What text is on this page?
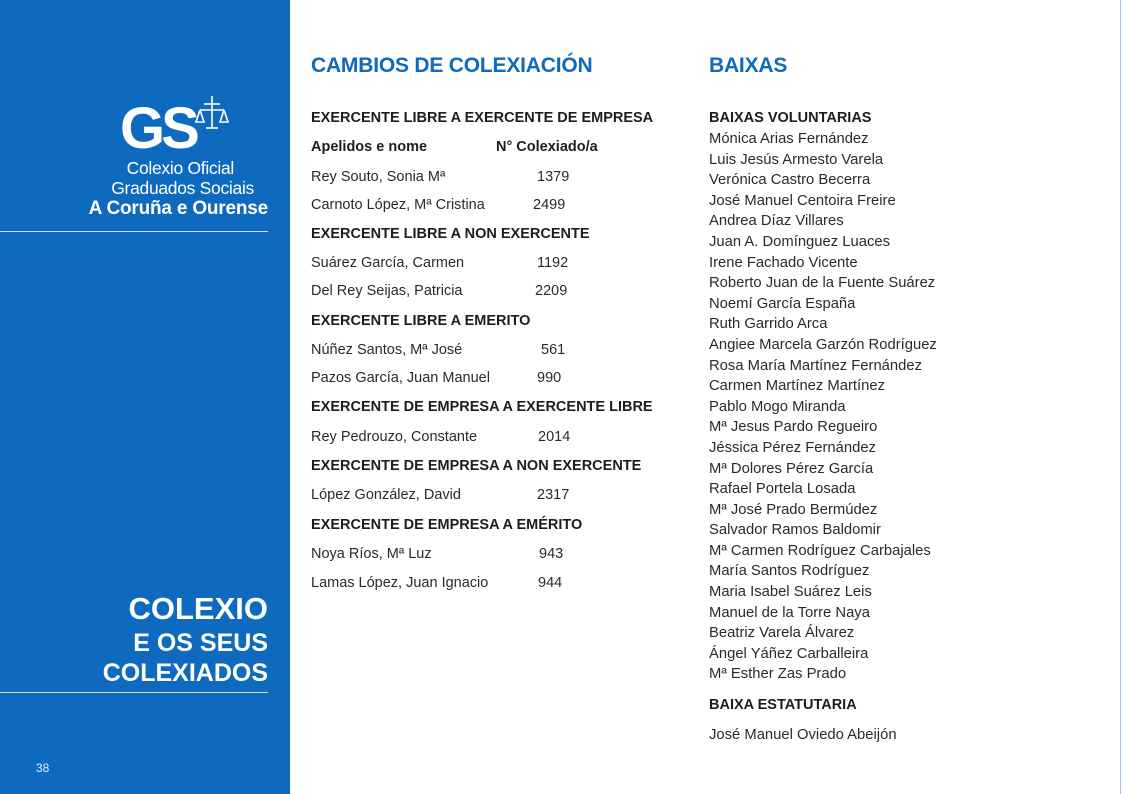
GS
Colexio Oficial
Graduados Sociais
A Coruña e Ourense
COLEXIO
E OS SEUS
COLEXIADOS
38
CAMBIOS DE COLEXIACIÓN
EXERCENTE LIBRE A EXERCENTE DE EMPRESA
Apelidos e nome	N° Colexiado/a
Rey Souto, Sonia Mª	1379
Carnoto López, Mª Cristina	2499
EXERCENTE LIBRE A NON EXERCENTE
Suárez García, Carmen	1192
Del Rey Seijas, Patricia	2209
EXERCENTE LIBRE A EMERITO
Núñez Santos, Mª José	561
Pazos García, Juan Manuel	990
EXERCENTE DE EMPRESA A EXERCENTE LIBRE
Rey Pedrouzo, Constante	2014
EXERCENTE DE EMPRESA A NON EXERCENTE
López González, David	2317
EXERCENTE DE EMPRESA A EMÉRITO
Noya Ríos, Mª Luz	943
Lamas López, Juan Ignacio	944
BAIXAS
BAIXAS VOLUNTARIAS
Mónica Arias Fernández
Luis Jesús Armesto Varela
Verónica Castro Becerra
José Manuel Centoira Freire
Andrea Díaz Villares
Juan A. Domínguez Luaces
Irene Fachado Vicente
Roberto Juan de la Fuente Suárez
Noemí García España
Ruth Garrido Arca
Angiee Marcela Garzón Rodríguez
Rosa María Martínez Fernández
Carmen Martínez Martínez
Pablo Mogo Miranda
Mª Jesus Pardo Regueiro
Jéssica Pérez Fernández
Mª Dolores Pérez García
Rafael Portela Losada
Mª José Prado Bermúdez
Salvador Ramos Baldomir
Mª Carmen Rodríguez Carbajales
María Santos Rodríguez
Maria Isabel Suárez Leis
Manuel de la Torre Naya
Beatriz Varela Álvarez
Ángel Yáñez Carballeira
Mª Esther Zas Prado
BAIXA ESTATUTARIA
José Manuel Oviedo Abeijón
